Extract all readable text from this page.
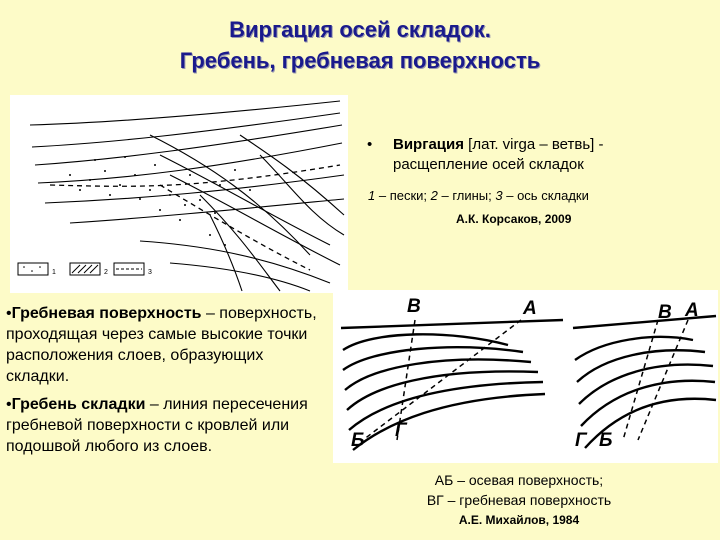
Виргация осей складок.
Гребень, гребневая поверхность
1	2	3
•	Виргация [лат. virga – ветвь] - расщепление осей складок
1 – пески; 2 – глины; 3 – ось складки
А.К. Корсаков, 2009
В	А
Б Г
В А
Г Б

•Гребневая поверхность – поверхность, проходящая через самые высокие точки расположения слоев, образующих складки.

•Гребень складки – линия пересечения гребневой поверхности с кровлей или подошвой любого из слоев.

АБ – осевая поверхность;
ВГ – гребневая поверхность
А.Е. Михайлов, 1984
